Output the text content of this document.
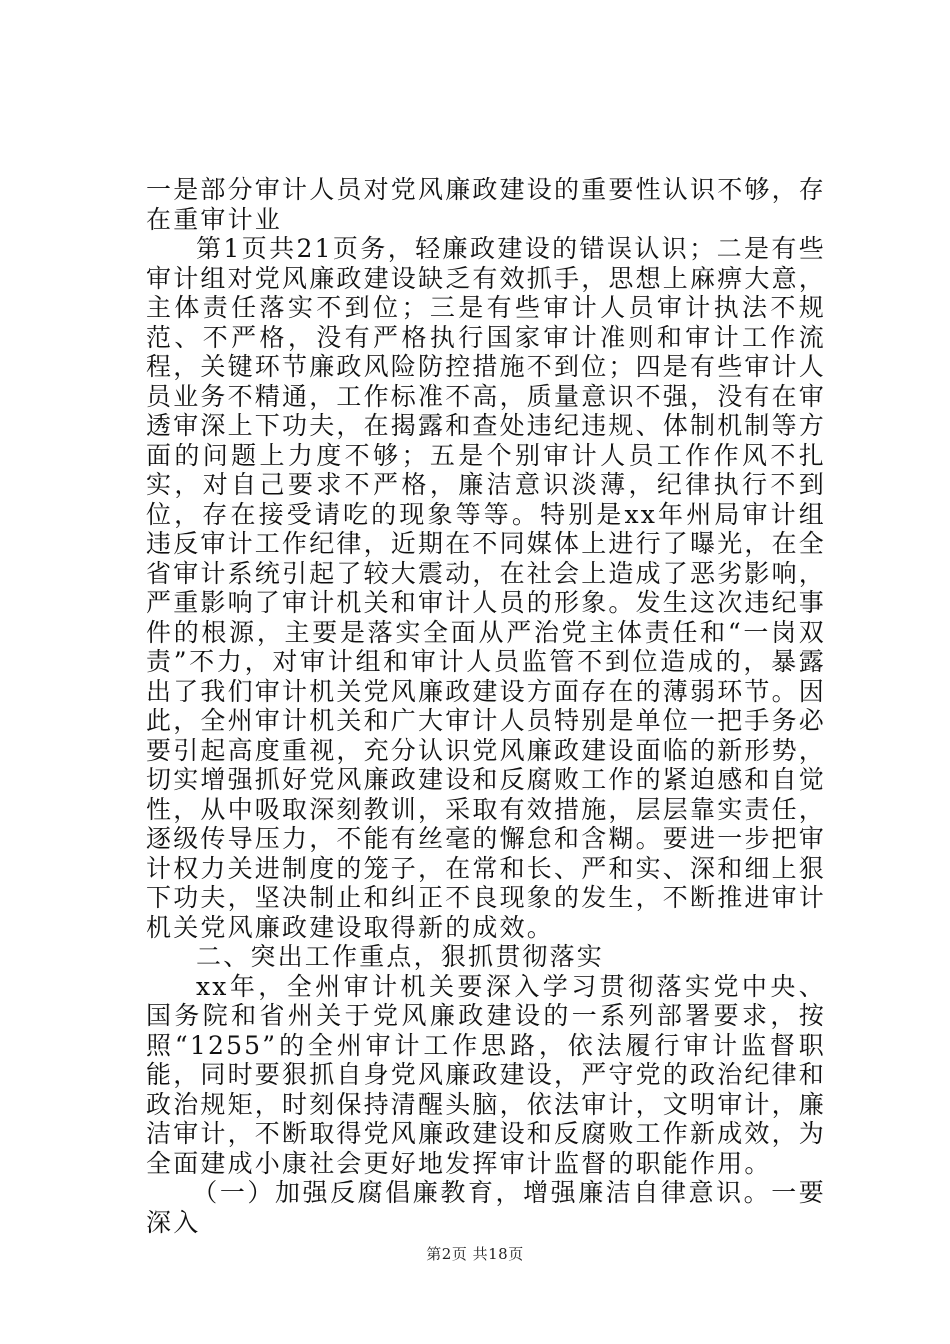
一是部分审计人员对党风廉政建设的重要性认识不够，存在重审计业

第1页共21页务，轻廉政建设的错误认识；二是有些审计组对党风廉政建设缺乏有效抓手，思想上麻痹大意，主体责任落实不到位；三是有些审计人员审计执法不规范、不严格，没有严格执行国家审计准则和审计工作流程，关键环节廉政风险防控措施不到位；四是有些审计人员业务不精通，工作标准不高，质量意识不强，没有在审透审深上下功夫，在揭露和查处违纪违规、体制机制等方面的问题上力度不够；五是个别审计人员工作作风不扎实，对自己要求不严格，廉洁意识淡薄，纪律执行不到位，存在接受请吃的现象等等。特别是xx年州局审计组违反审计工作纪律，近期在不同媒体上进行了曝光，在全省审计系统引起了较大震动，在社会上造成了恶劣影响，严重影响了审计机关和审计人员的形象。发生这次违纪事件的根源，主要是落实全面从严治党主体责任和“一岗双责”不力，对审计组和审计人员监管不到位造成的，暴露出了我们审计机关党风廉政建设方面存在的薄弱环节。因此，全州审计机关和广大审计人员特别是单位一把手务必要引起高度重视，充分认识党风廉政建设面临的新形势，切实增强抓好党风廉政建设和反腐败工作的紧迫感和自觉性，从中吸取深刻教训，采取有效措施，层层靠实责任，逐级传导压力，不能有丝毫的懈怠和含糊。要进一步把审计权力关进制度的笼子，在常和长、严和实、深和细上狠下功夫，坚决制止和纠正不良现象的发生，不断推进审计机关党风廉政建设取得新的成效。

二、突出工作重点，狠抓贯彻落实

xx年，全州审计机关要深入学习贯彻落实党中央、国务院和省州关于党风廉政建设的一系列部署要求，按照“1255”的全州审计工作思路，依法履行审计监督职能，同时要狠抓自身党风廉政建设，严守党的政治纪律和政治规矩，时刻保持清醒头脑，依法审计，文明审计，廉洁审计，不断取得党风廉政建设和反腐败工作新成效，为全面建成小康社会更好地发挥审计监督的职能作用。

（一）加强反腐倡廉教育，增强廉洁自律意识。一要深入

第2页 共18页
